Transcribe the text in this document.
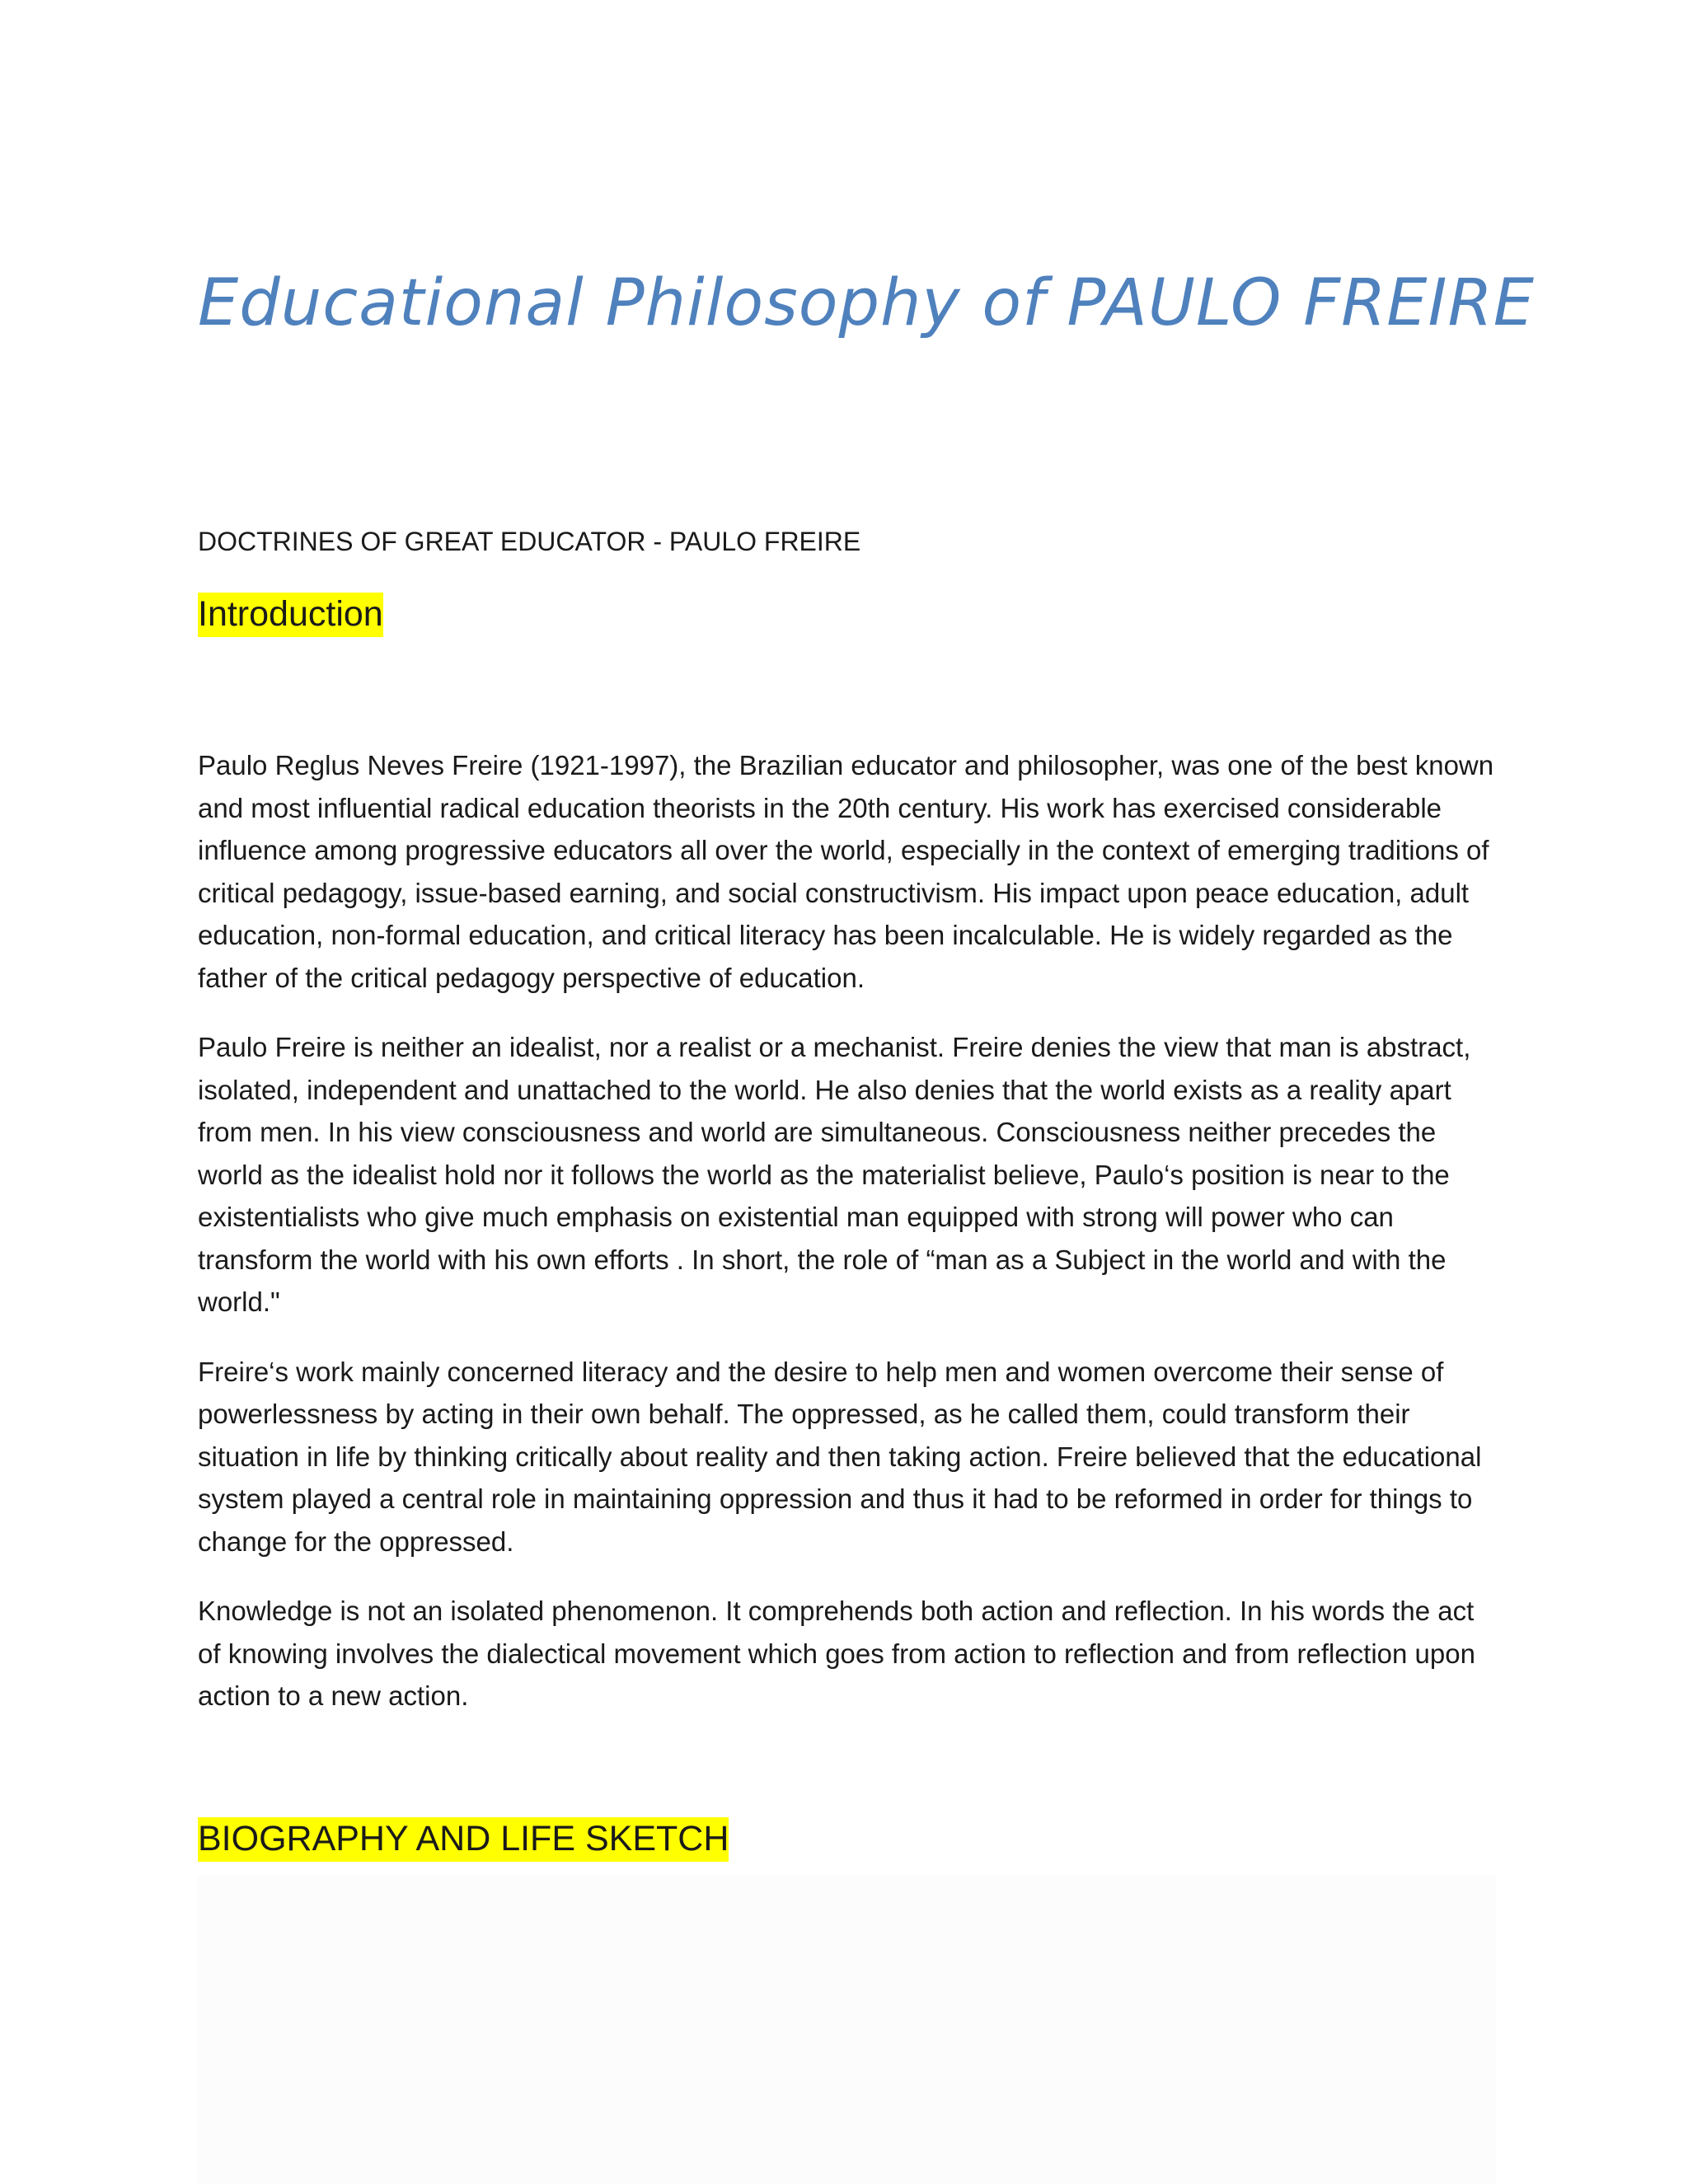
Educational Philosophy of PAULO FREIRE

DOCTRINES OF GREAT EDUCATOR - PAULO FREIRE

Introduction

Paulo Reglus Neves Freire (1921-1997), the Brazilian educator and philosopher, was one of the best known and most influential radical education theorists in the 20th century. His work has exercised considerable influence among progressive educators all over the world, especially in the context of emerging traditions of critical pedagogy, issue-based earning, and social constructivism. His impact upon peace education, adult education, non-formal education, and critical literacy has been incalculable. He is widely regarded as the father of the critical pedagogy perspective of education.

Paulo Freire is neither an idealist, nor a realist or a mechanist. Freire denies the view that man is abstract, isolated, independent and unattached to the world. He also denies that the world exists as a reality apart from men. In his view consciousness and world are simultaneous. Consciousness neither precedes the world as the idealist hold nor it follows the world as the materialist believe, Paulo‘s position is near to the existentialists who give much emphasis on existential man equipped with strong will power who can transform the world with his own efforts . In short, the role of “man as a Subject in the world and with the world."

Freire‘s work mainly concerned literacy and the desire to help men and women overcome their sense of powerlessness by acting in their own behalf. The oppressed, as he called them, could transform their situation in life by thinking critically about reality and then taking action. Freire believed that the educational system played a central role in maintaining oppression and thus it had to be reformed in order for things to change for the oppressed.

Knowledge is not an isolated phenomenon. It comprehends both action and reflection. In his words the act of knowing involves the dialectical movement which goes from action to reflection and from reflection upon action to a new action.

BIOGRAPHY AND LIFE SKETCH
